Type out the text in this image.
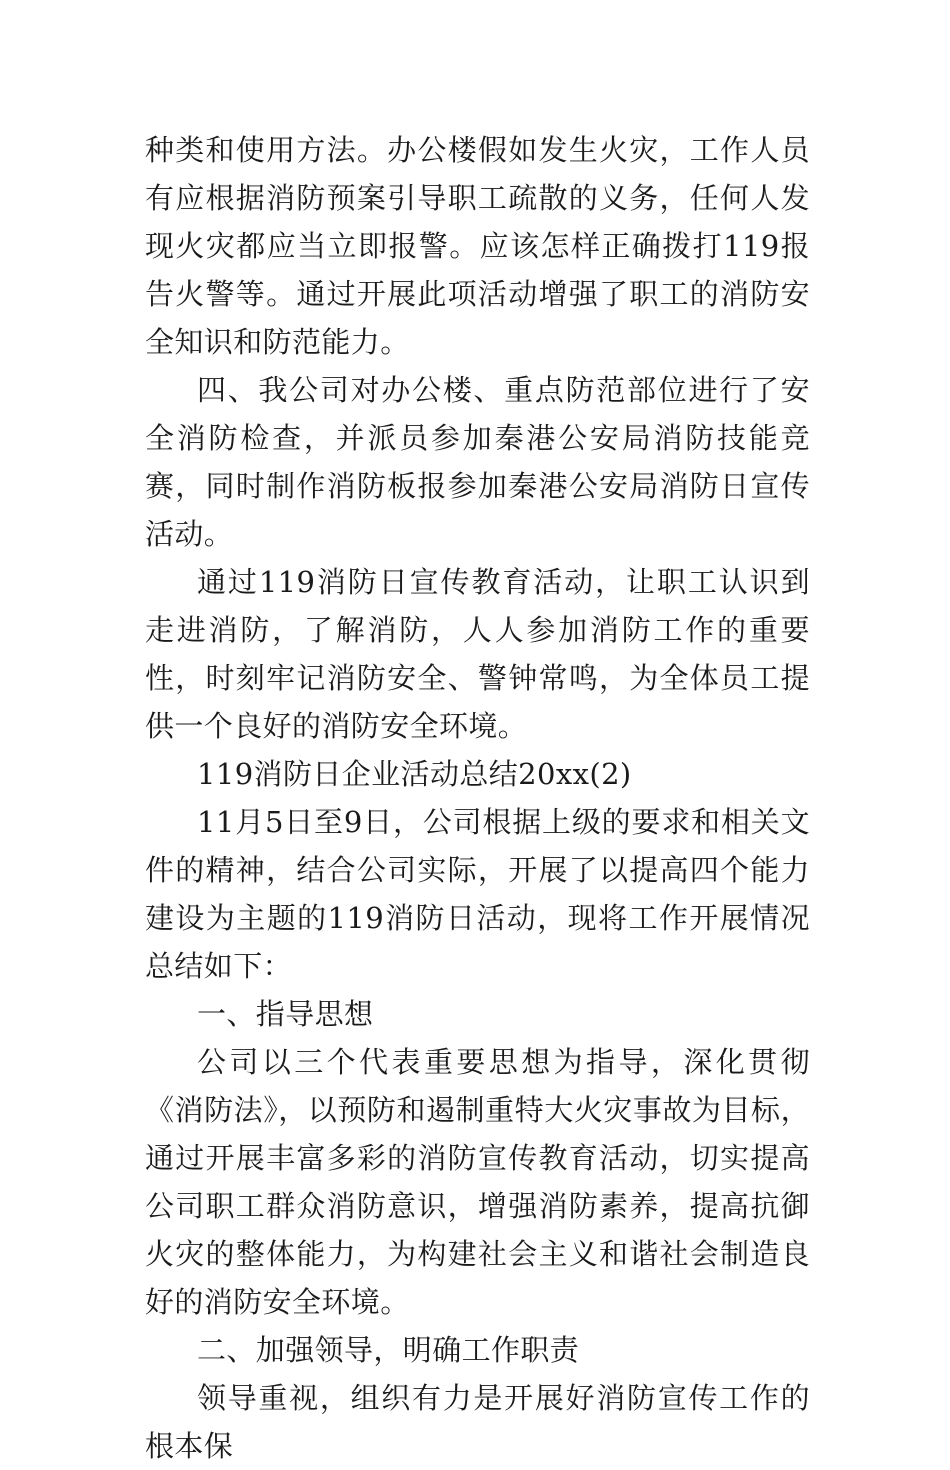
种类和使用方法。办公楼假如发生火灾，工作人员有应根据消防预案引导职工疏散的义务，任何人发现火灾都应当立即报警。应该怎样正确拨打119报告火警等。通过开展此项活动增强了职工的消防安全知识和防范能力。

四、我公司对办公楼、重点防范部位进行了安全消防检查，并派员参加秦港公安局消防技能竞赛，同时制作消防板报参加秦港公安局消防日宣传活动。

通过119消防日宣传教育活动，让职工认识到走进消防，了解消防，人人参加消防工作的重要性，时刻牢记消防安全、警钟常鸣，为全体员工提供一个良好的消防安全环境。

119消防日企业活动总结20xx(2)

11月5日至9日，公司根据上级的要求和相关文件的精神，结合公司实际，开展了以提高四个能力建设为主题的119消防日活动，现将工作开展情况总结如下：

一、指导思想

公司以三个代表重要思想为指导，深化贯彻《消防法》，以预防和遏制重特大火灾事故为目标，通过开展丰富多彩的消防宣传教育活动，切实提高公司职工群众消防意识，增强消防素养，提高抗御火灾的整体能力，为构建社会主义和谐社会制造良好的消防安全环境。

二、加强领导，明确工作职责

领导重视，组织有力是开展好消防宣传工作的根本保
